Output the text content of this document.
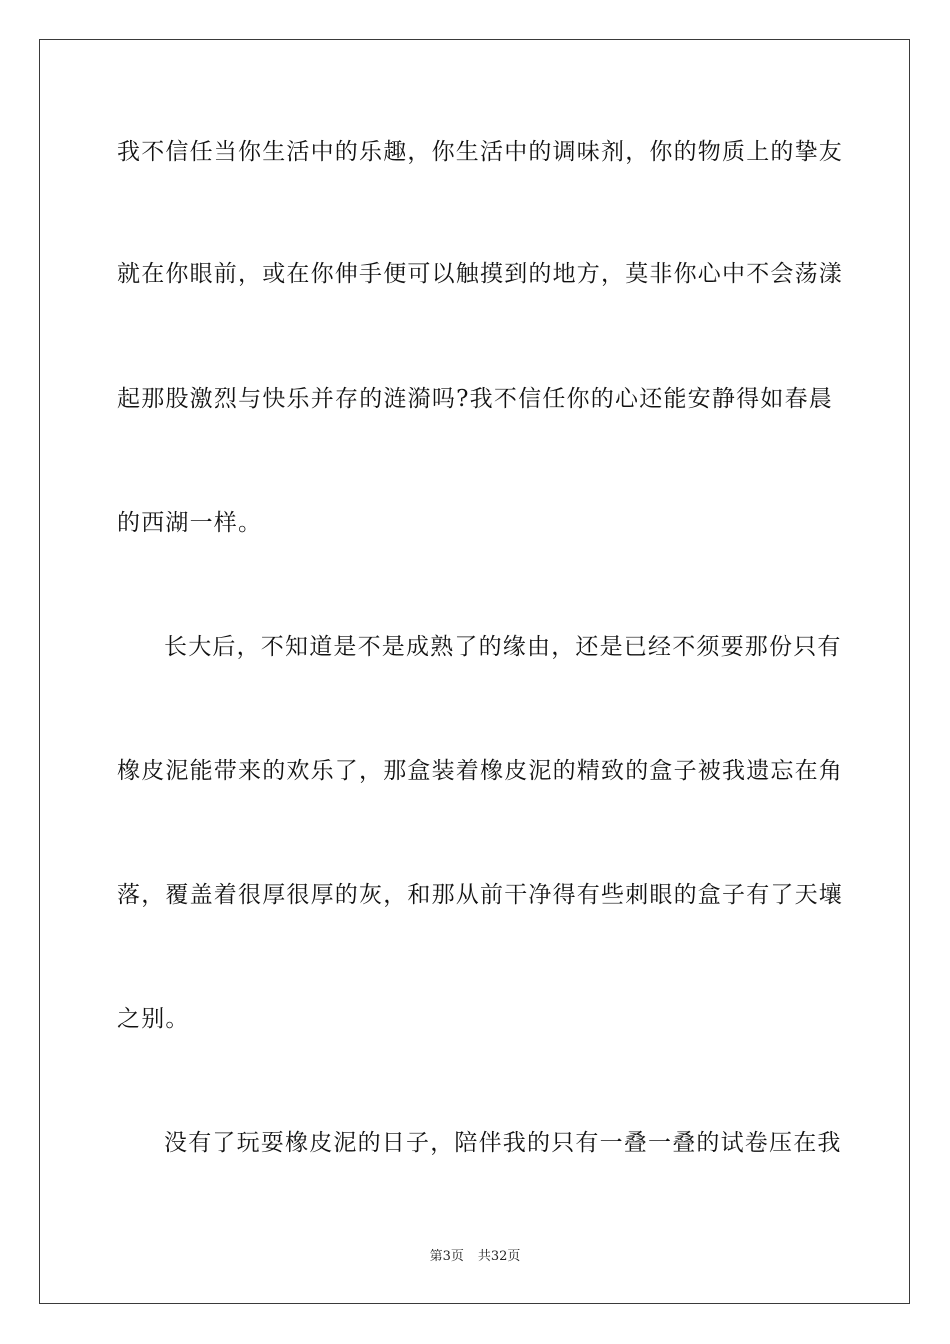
我不信任当你生活中的乐趣，你生活中的调味剂，你的物质上的挚友
就在你眼前，或在你伸手便可以触摸到的地方，莫非你心中不会荡漾
起那股激烈与快乐并存的涟漪吗?我不信任你的心还能安静得如春晨
的西湖一样。
长大后，不知道是不是成熟了的缘由，还是已经不须要那份只有
橡皮泥能带来的欢乐了，那盒装着橡皮泥的精致的盒子被我遗忘在角
落，覆盖着很厚很厚的灰，和那从前干净得有些刺眼的盒子有了天壤
之别。
没有了玩耍橡皮泥的日子，陪伴我的只有一叠一叠的试卷压在我
第3页 共32页
